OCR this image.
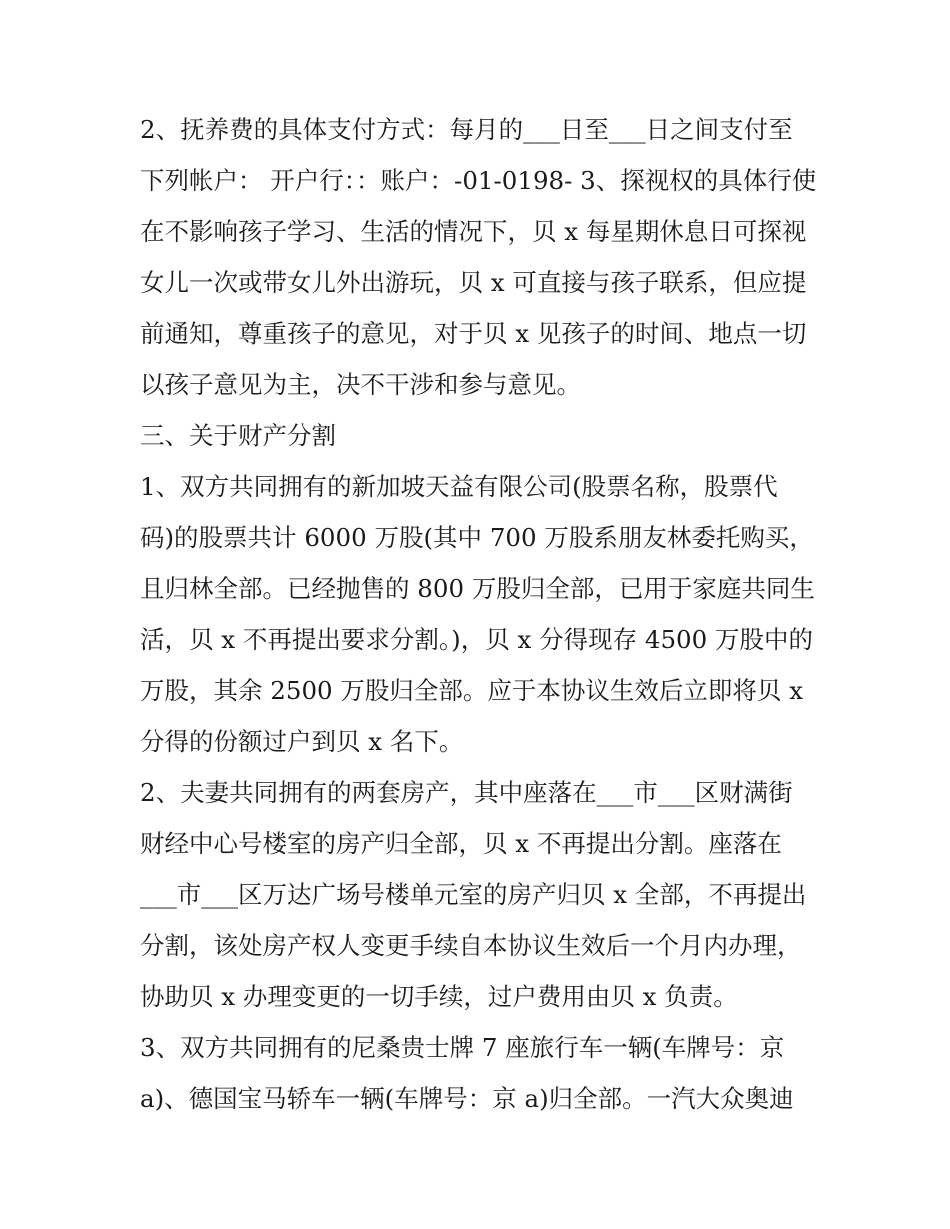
2、抚养费的具体支付方式：每月的___日至___日之间支付至
下列帐户： 开户行：：账户：-01-0198- 3、探视权的具体行使
在不影响孩子学习、生活的情况下，贝 x 每星期休息日可探视
女儿一次或带女儿外出游玩，贝 x 可直接与孩子联系，但应提
前通知，尊重孩子的意见，对于贝 x 见孩子的时间、地点一切
以孩子意见为主，决不干涉和参与意见。
三、关于财产分割
1、双方共同拥有的新加坡天益有限公司(股票名称，股票代
码)的股票共计 6000 万股(其中 700 万股系朋友林委托购买，
且归林全部。已经抛售的 800 万股归全部，已用于家庭共同生
活，贝 x 不再提出要求分割。)，贝 x 分得现存 4500 万股中的
万股，其余 2500 万股归全部。应于本协议生效后立即将贝 x
分得的份额过户到贝 x 名下。
2、夫妻共同拥有的两套房产，其中座落在___市___区财满街
财经中心号楼室的房产归全部，贝 x 不再提出分割。座落在
___市___区万达广场号楼单元室的房产归贝 x 全部，不再提出
分割，该处房产权人变更手续自本协议生效后一个月内办理，
协助贝 x 办理变更的一切手续，过户费用由贝 x 负责。
3、双方共同拥有的尼桑贵士牌 7 座旅行车一辆(车牌号：京
a)、德国宝马轿车一辆(车牌号：京 a)归全部。一汽大众奥迪
